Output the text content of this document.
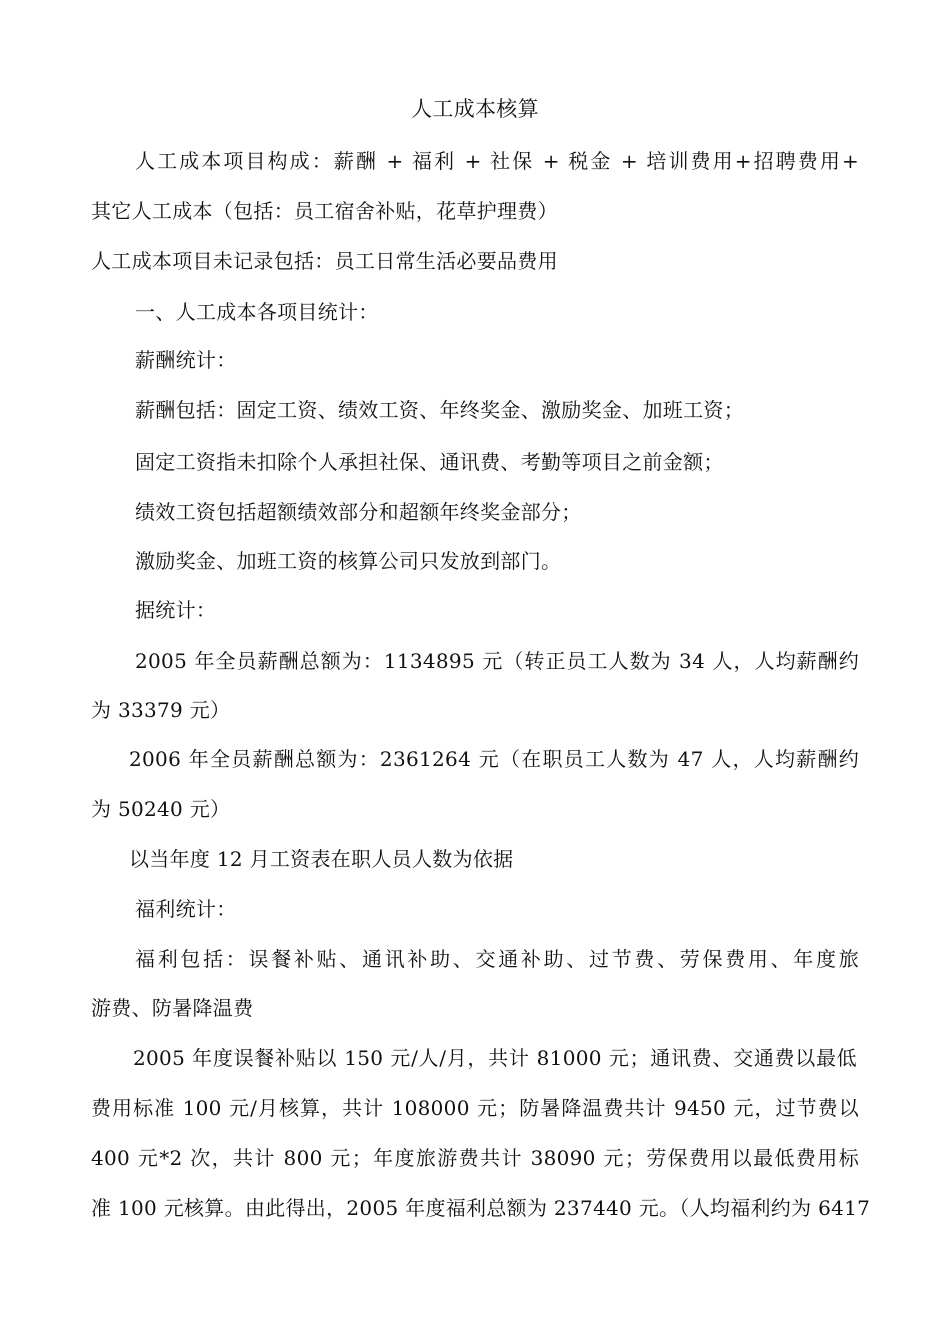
人工成本核算
人工成本项目构成：薪酬 + 福利 + 社保 + 税金 + 培训费用+招聘费用+
其它人工成本（包括：员工宿舍补贴，花草护理费）
人工成本项目未记录包括：员工日常生活必要品费用
一、人工成本各项目统计：
薪酬统计：
薪酬包括：固定工资、绩效工资、年终奖金、激励奖金、加班工资；
固定工资指未扣除个人承担社保、通讯费、考勤等项目之前金额；
绩效工资包括超额绩效部分和超额年终奖金部分；
激励奖金、加班工资的核算公司只发放到部门。
据统计：
2005 年全员薪酬总额为：1134895 元（转正员工人数为 34 人，人均薪酬约
为 33379 元）
2006 年全员薪酬总额为：2361264 元（在职员工人数为 47 人，人均薪酬约
为 50240 元）
以当年度 12 月工资表在职人员人数为依据
福利统计：
福利包括：误餐补贴、通讯补助、交通补助、过节费、劳保费用、年度旅
游费、防暑降温费
2005 年度误餐补贴以 150 元/人/月，共计 81000 元；通讯费、交通费以最低
费用标准 100 元/月核算，共计 108000 元；防暑降温费共计 9450 元，过节费以
400 元*2 次，共计 800 元；年度旅游费共计 38090 元；劳保费用以最低费用标
准 100 元核算。由此得出，2005 年度福利总额为 237440 元。（人均福利约为 6417
